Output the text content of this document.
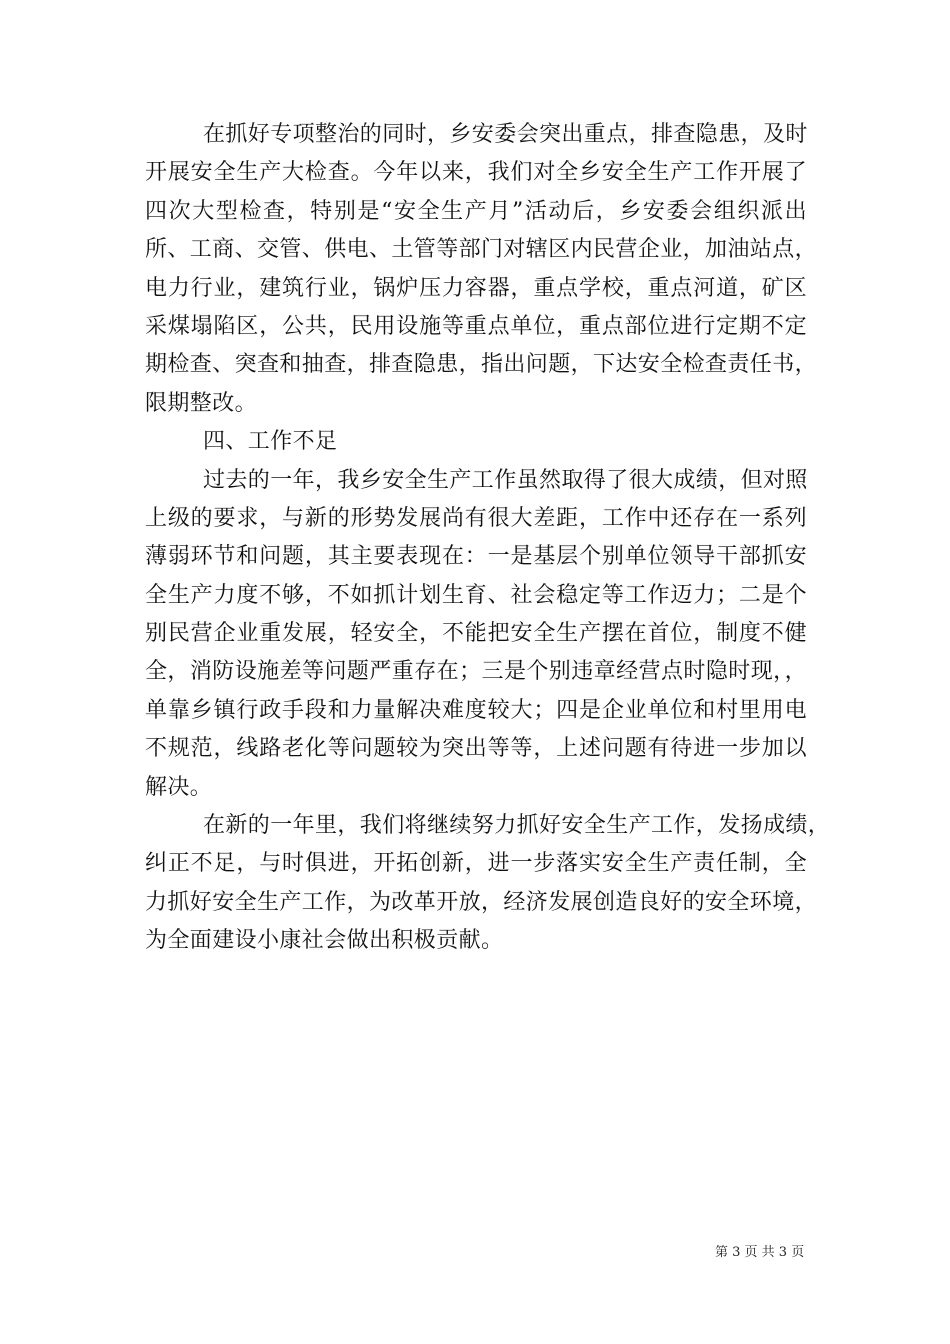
在抓好专项整治的同时，乡安委会突出重点，排查隐患，及时
开展安全生产大检查。今年以来，我们对全乡安全生产工作开展了
四次大型检查，特别是“安全生产月”活动后，乡安委会组织派出
所、工商、交管、供电、土管等部门对辖区内民营企业，加油站点，
电力行业，建筑行业，锅炉压力容器，重点学校，重点河道，矿区
采煤塌陷区，公共，民用设施等重点单位，重点部位进行定期不定
期检查、突查和抽查，排查隐患，指出问题，下达安全检查责任书，
限期整改。
四、工作不足
过去的一年，我乡安全生产工作虽然取得了很大成绩，但对照
上级的要求，与新的形势发展尚有很大差距，工作中还存在一系列
薄弱环节和问题，其主要表现在：一是基层个别单位领导干部抓安
全生产力度不够，不如抓计划生育、社会稳定等工作迈力；二是个
别民营企业重发展，轻安全，不能把安全生产摆在首位，制度不健
全，消防设施差等问题严重存在；三是个别违章经营点时隐时现，，
单靠乡镇行政手段和力量解决难度较大；四是企业单位和村里用电
不规范，线路老化等问题较为突出等等，上述问题有待进一步加以
解决。
在新的一年里，我们将继续努力抓好安全生产工作，发扬成绩，
纠正不足，与时俱进，开拓创新，进一步落实安全生产责任制，全
力抓好安全生产工作，为改革开放，经济发展创造良好的安全环境，
为全面建设小康社会做出积极贡献。
第 3 页 共 3 页
